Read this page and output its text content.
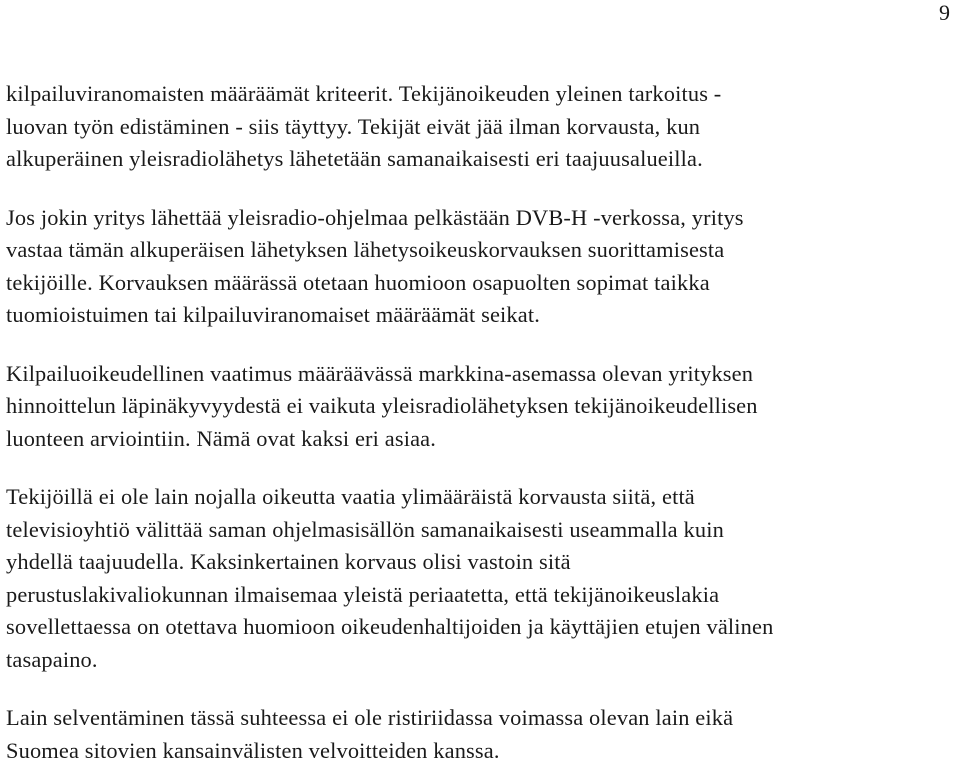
9

kilpailuviranomaisten määräämät kriteerit. Tekijänoikeuden yleinen tarkoitus -
luovan työn edistäminen - siis täyttyy. Tekijät eivät jää ilman korvausta, kun
alkuperäinen yleisradiolähetys lähetetään samanaikaisesti eri taajuusalueilla.

Jos jokin yritys lähettää yleisradio-ohjelmaa pelkästään DVB-H -verkossa, yritys
vastaa tämän alkuperäisen lähetyksen lähetysoikeuskorvauksen suorittamisesta
tekijöille. Korvauksen määrässä otetaan huomioon osapuolten sopimat taikka
tuomioistuimen tai kilpailuviranomaiset määräämät seikat.

Kilpailuoikeudellinen vaatimus määräävässä markkina-asemassa olevan yrityksen
hinnoittelun läpinäkyvyydestä ei vaikuta yleisradiolähetyksen tekijänoikeudellisen
luonteen arviointiin. Nämä ovat kaksi eri asiaa.

Tekijöillä ei ole lain nojalla oikeutta vaatia ylimääräistä korvausta siitä, että
televisioyhtiö välittää saman ohjelmasisällön samanaikaisesti useammalla kuin
yhdellä taajuudella. Kaksinkertainen korvaus olisi vastoin sitä
perustuslakivaliokunnan ilmaisemaa yleistä periaatetta, että tekijänoikeuslakia
sovellettaessa on otettava huomioon oikeudenhaltijoiden ja käyttäjien etujen välinen
tasapaino.

Lain selventäminen tässä suhteessa ei ole ristiriidassa voimassa olevan lain eikä
Suomea sitovien kansainvälisten velvoitteiden kanssa.
